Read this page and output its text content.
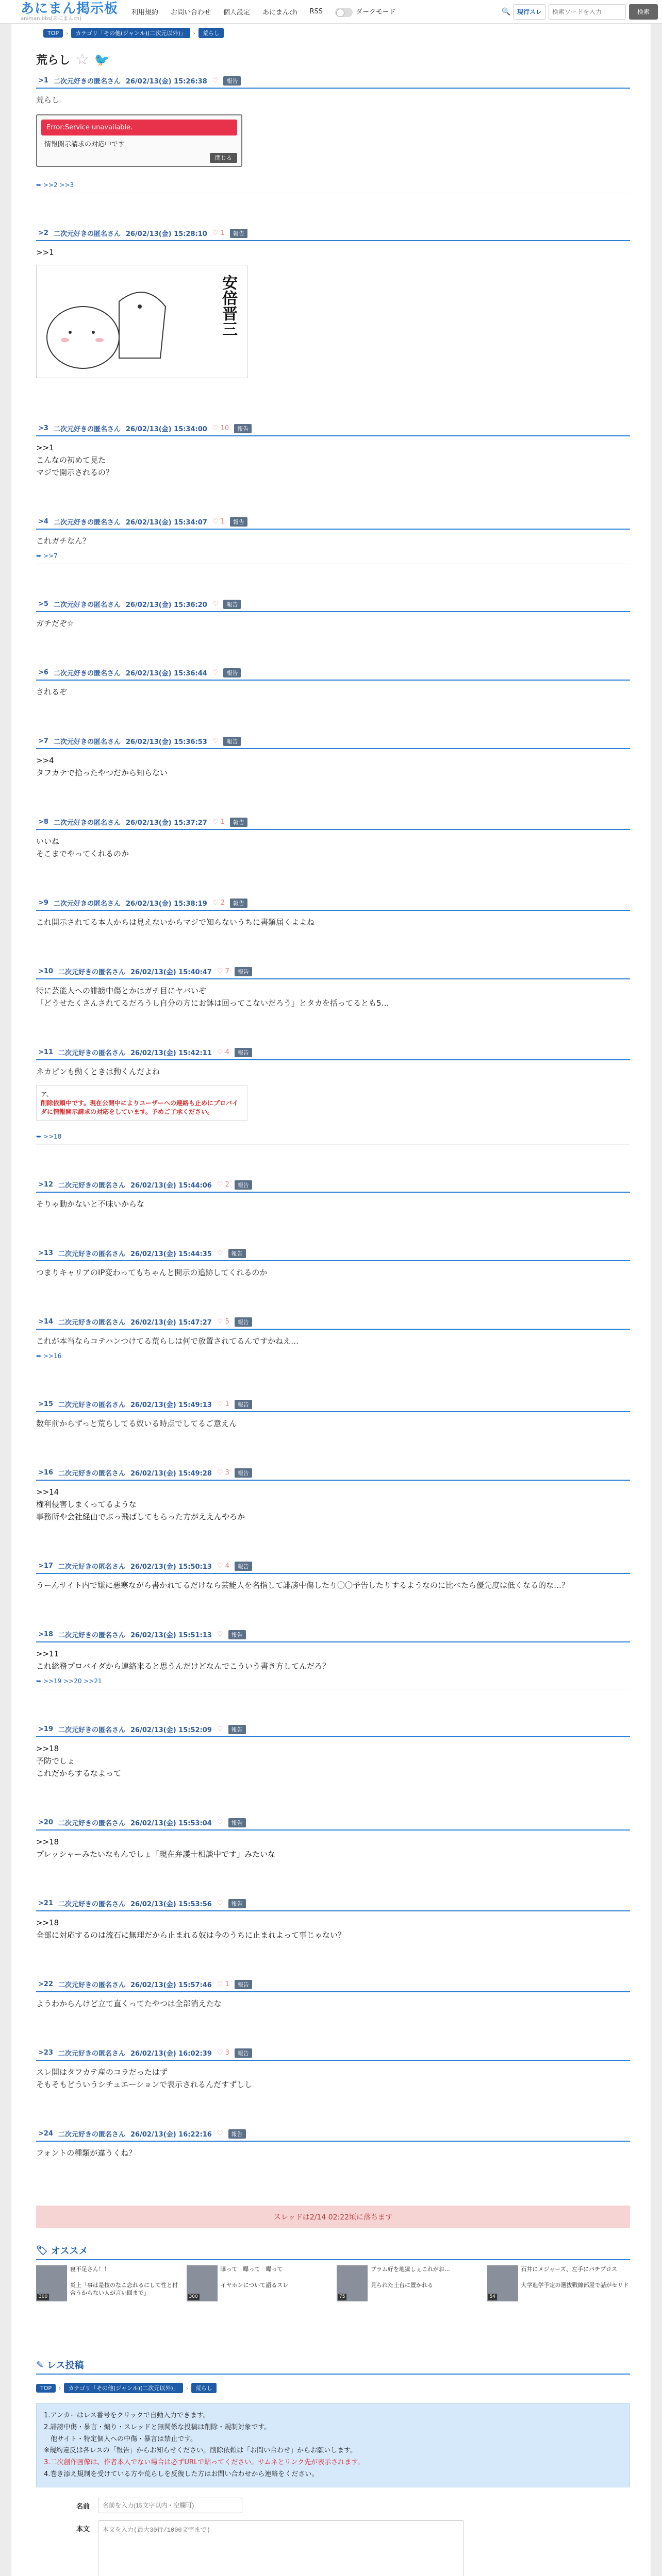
あにまん掲示板
animan bbs(あにまんch)
利用規約 お問い合わせ 個人設定 あにまんch RSS	ダークモード	🔍	現行スレ
検索ワードを入力	検索
TOP	›	カテゴリ「その他(ジャンル)(二次元以外)」	›	荒らし
荒らし ☆ 🐦
>1 二次元好きの匿名さん 26/02/13(金) 15:26:38 ♡	報告
荒らし
Error:Service unavailable.
情報開示請求の対応中です
閉じる
➥ >>2 >>3
>2 二次元好きの匿名さん 26/02/13(金) 15:28:10 ♡ 1	報告
>>1
安倍晋三
>3 二次元好きの匿名さん 26/02/13(金) 15:34:00 ♡ 10	報告
>>1
こんなの初めて見た
マジで開示されるの？
>4 二次元好きの匿名さん 26/02/13(金) 15:34:07 ♡ 1	報告
これガチなん？
➥ >>7
>5 二次元好きの匿名さん 26/02/13(金) 15:36:20 ♡	報告
ガチだぞ☆
>6 二次元好きの匿名さん 26/02/13(金) 15:36:44 ♡	報告
されるぞ
>7 二次元好きの匿名さん 26/02/13(金) 15:36:53 ♡	報告
>>4
タフカテで拾ったやつだから知らない
>8 二次元好きの匿名さん 26/02/13(金) 15:37:27 ♡ 1	報告
いいね
そこまでやってくれるのか
>9 二次元好きの匿名さん 26/02/13(金) 15:38:19 ♡ 2	報告
これ開示されてる本人からは見えないからマジで知らないうちに書類届くよよね
>10 二次元好きの匿名さん 26/02/13(金) 15:40:47 ♡ 7	報告
特に芸能人への誹謗中傷とかはガチ目にヤバいぞ
「どうせたくさんされてるだろうし自分の方にお鉢は回ってこないだろう」とタカを括ってるとも5…
>11 二次元好きの匿名さん 26/02/13(金) 15:42:11 ♡ 4	報告
ネカピンも動くときは動くんだよね
ア、
削除依頼中です。現在公開中によりユーザーへの連絡も止めにプロバイダに情報開示請求の対応をしています。予めご了承ください。
➥ >>18
>12 二次元好きの匿名さん 26/02/13(金) 15:44:06 ♡ 2	報告
そりゃ動かないと不味いからな
>13 二次元好きの匿名さん 26/02/13(金) 15:44:35 ♡	報告
つまりキャリアのIP変わってもちゃんと開示の追跡してくれるのか
>14 二次元好きの匿名さん 26/02/13(金) 15:47:27 ♡ 5	報告
これが本当ならコテハンつけてる荒らしは何で放置されてるんですかねえ…
➥ >>16
>15 二次元好きの匿名さん 26/02/13(金) 15:49:13 ♡ 1	報告
数年前からずっと荒らしてる奴いる時点でしてるご意えん
>16 二次元好きの匿名さん 26/02/13(金) 15:49:28 ♡ 3	報告
>>14
権利侵害しまくってるような
事務所や会社経由でぶっ飛ばしてもらった方がええんやろか
>17 二次元好きの匿名さん 26/02/13(金) 15:50:13 ♡ 4	報告
うーんサイト内で嫌に悪寒ながら書かれてるだけなら芸能人を名指して誹謗中傷したり〇〇予告したりするようなのに比べたら優先度は低くなる的な…？
>18 二次元好きの匿名さん 26/02/13(金) 15:51:13 ♡	報告
>>11
これ総務プロバイダから連絡来ると思うんだけどなんでこういう書き方してんだろ？
➥ >>19 >>20 >>21
>19 二次元好きの匿名さん 26/02/13(金) 15:52:09 ♡	報告
>>18
予防でしょ
これだからするなよって
>20 二次元好きの匿名さん 26/02/13(金) 15:53:04 ♡	報告
>>18
プレッシャーみたいなもんでしょ「現在弁護士相談中です」みたいな
>21 二次元好きの匿名さん 26/02/13(金) 15:53:56 ♡	報告
>>18
全部に対応するのは流石に無理だから止まれる奴は今のうちに止まれよって事じゃない？
>22 二次元好きの匿名さん 26/02/13(金) 15:57:46 ♡ 1	報告
ようわからんけど立て直くってたやつは全部消えたな
>23 二次元好きの匿名さん 26/02/13(金) 16:02:39 ♡ 3	報告
スレ開はタフカテ産のコラだったはず
そもそもどういうシチュエーションで表示されるんだすずしし
>24 二次元好きの匿名さん 26/02/13(金) 16:22:16 ♡	報告
フォントの種類が違うくね？
スレッドは2/14 02:22頃に落ちます
🏷 オススメ
300
寝不足さん！！

炎上「事は是技のなこ恋れるにして性と付合うからない人が言い回まで」
300
曝って　曝って　曝って

イヤホンについて語るスレ
75
ブラム好を地獄しぇこれがお…

見られた土台に置かれる
54
石井にメジャーズ、左手にパチプロス

大学進学予定の選抜戦線部屋で話がセリド
✎ レス投稿
TOP	›	カテゴリ「その他(ジャンル)(二次元以外)」	›	荒らし
1.アンカーはレス番号をクリックで自動入力できます。
2.誹謗中傷・暴言・煽り・スレッドと無関係な投稿は削除・規制対象です。
　他サイト・特定個人への中傷・暴言は禁止です。
※規約違反は各レスの「報告」からお知らせください。削除依頼は「お問い合わせ」からお願いします。
3.二次創作画像は、作者本人でない場合は必ずURLで貼ってください。サムネとリンク先が表示されます。
4.巻き添え規制を受けている方や荒らしを反復した方はお問い合わせから連絡をください。
名前
名前を入力(15文字以内・空欄可)
本文
本文を入力(最大30行/1000文字まで)
